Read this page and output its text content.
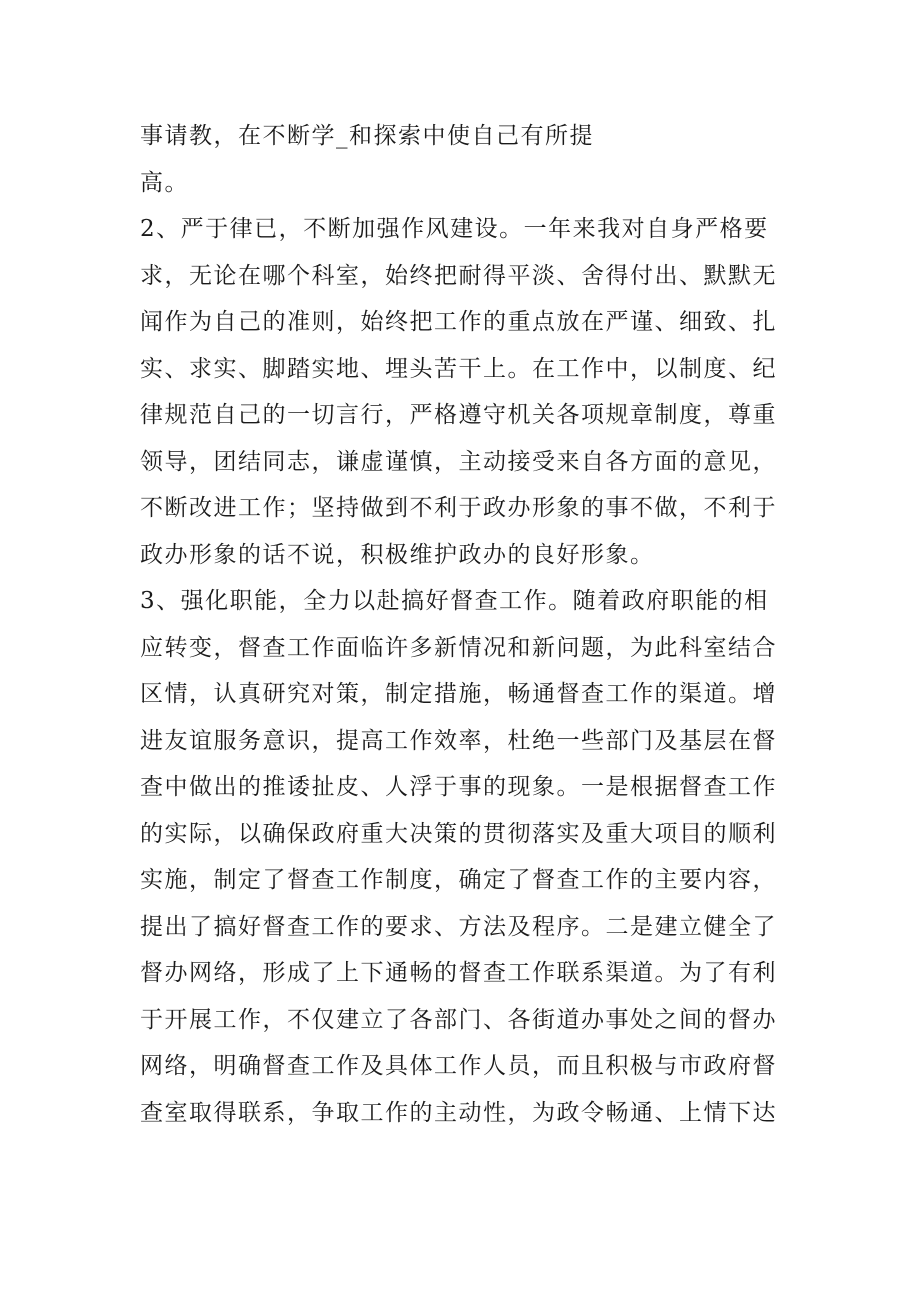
事请教，在不断学_和探索中使自己有所提
高。
2、严于律已，不断加强作风建设。一年来我对自身严格要
求，无论在哪个科室，始终把耐得平淡、舍得付出、默默无
闻作为自己的准则，始终把工作的重点放在严谨、细致、扎
实、求实、脚踏实地、埋头苦干上。在工作中，以制度、纪
律规范自己的一切言行，严格遵守机关各项规章制度，尊重
领导，团结同志，谦虚谨慎，主动接受来自各方面的意见，
不断改进工作；坚持做到不利于政办形象的事不做，不利于
政办形象的话不说，积极维护政办的良好形象。
3、强化职能，全力以赴搞好督查工作。随着政府职能的相
应转变，督查工作面临许多新情况和新问题，为此科室结合
区情，认真研究对策，制定措施，畅通督查工作的渠道。增
进友谊服务意识，提高工作效率，杜绝一些部门及基层在督
查中做出的推诿扯皮、人浮于事的现象。一是根据督查工作
的实际，以确保政府重大决策的贯彻落实及重大项目的顺利
实施，制定了督查工作制度，确定了督查工作的主要内容，
提出了搞好督查工作的要求、方法及程序。二是建立健全了
督办网络，形成了上下通畅的督查工作联系渠道。为了有利
于开展工作，不仅建立了各部门、各街道办事处之间的督办
网络，明确督查工作及具体工作人员，而且积极与市政府督
查室取得联系，争取工作的主动性，为政令畅通、上情下达
